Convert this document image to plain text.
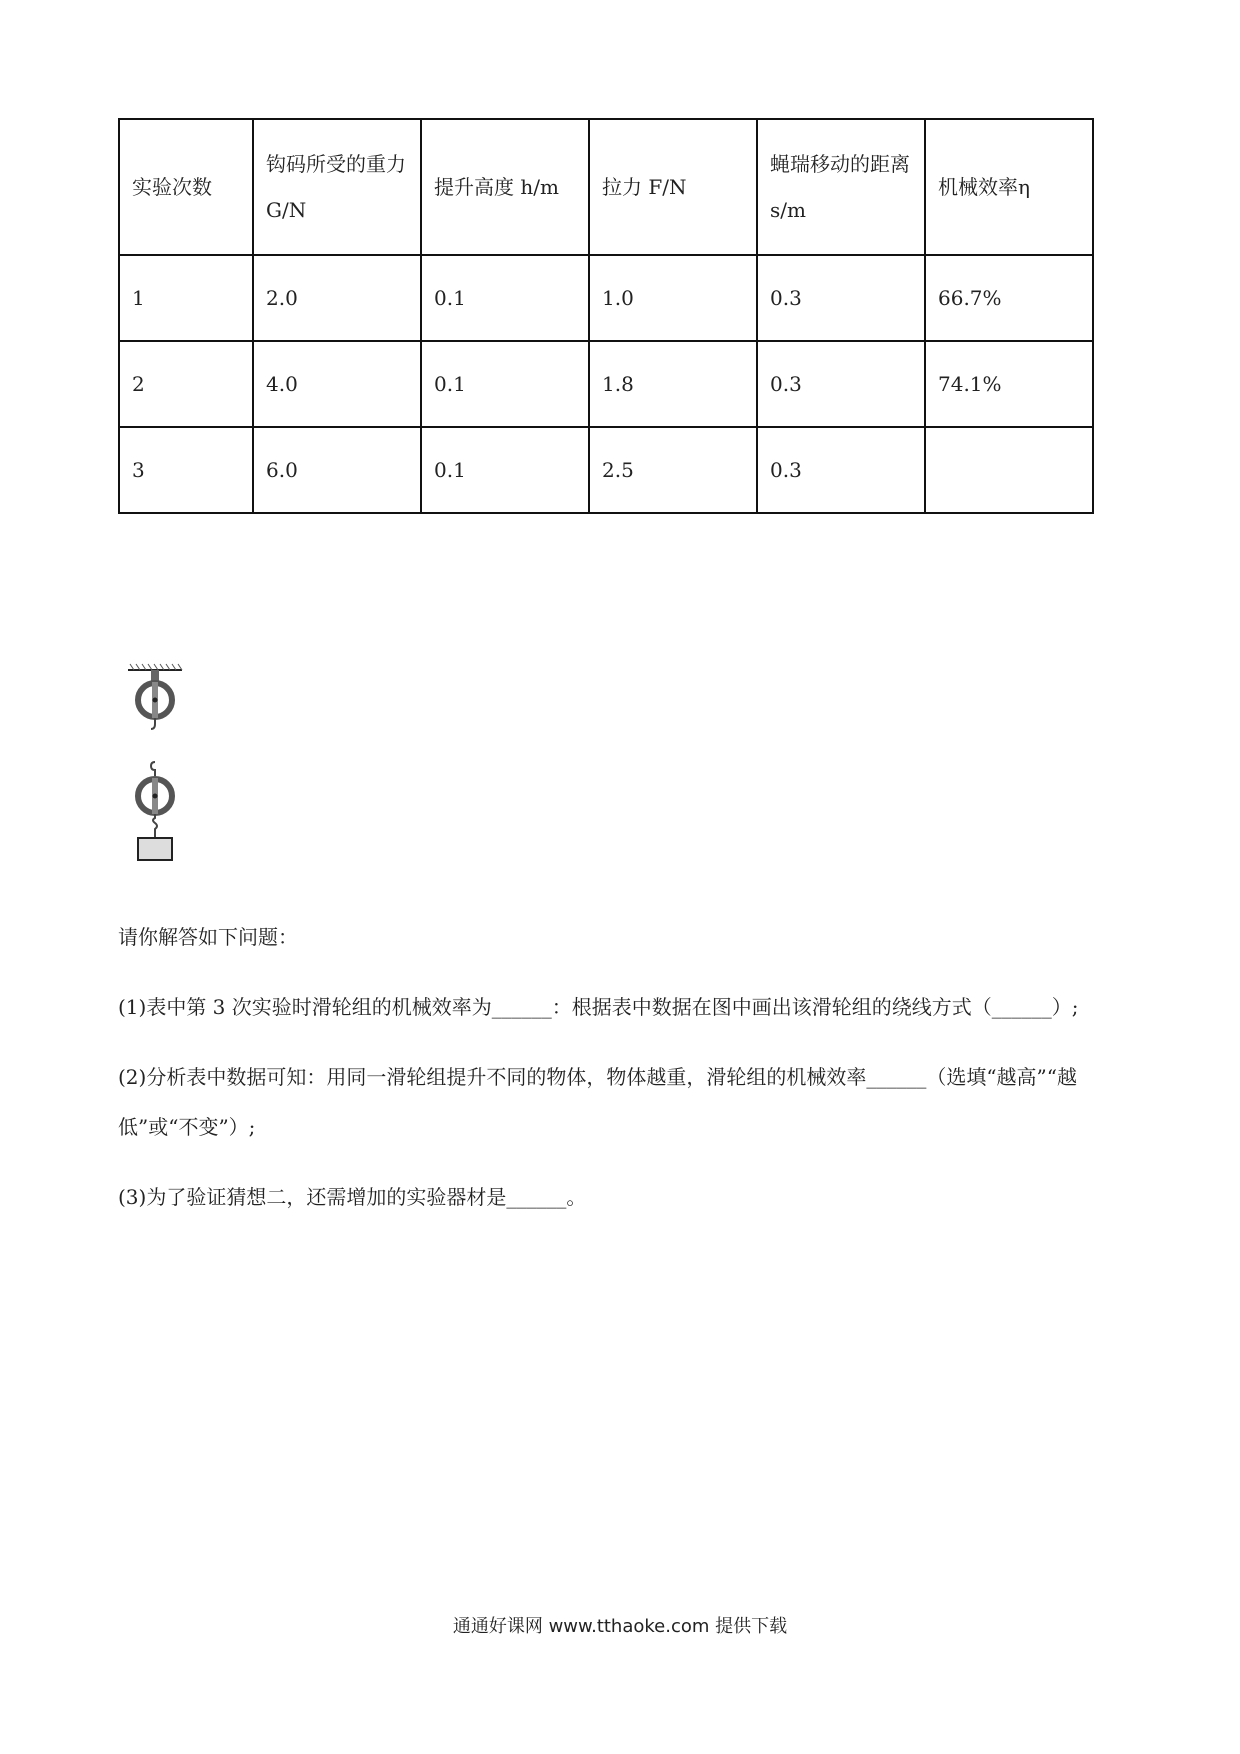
实验次数	钩码所受的重力 G/N	提升高度 h/m	拉力 F/N	蝇瑞移动的距离 s/m	机械效率η
1	2.0	0.1	1.0	0.3	66.7%
2	4.0	0.1	1.8	0.3	74.1%
3	6.0	0.1	2.5	0.3	

请你解答如下问题：

(1)表中第 3 次实验时滑轮组的机械效率为______：根据表中数据在图中画出该滑轮组的绕线方式（______）;

(2)分析表中数据可知：用同一滑轮组提升不同的物体，物体越重，滑轮组的机械效率______（选填“越高”“越低”或“不变”）;

(3)为了验证猜想二，还需增加的实验器材是______。

通通好课网 www.tthaoke.com 提供下载
